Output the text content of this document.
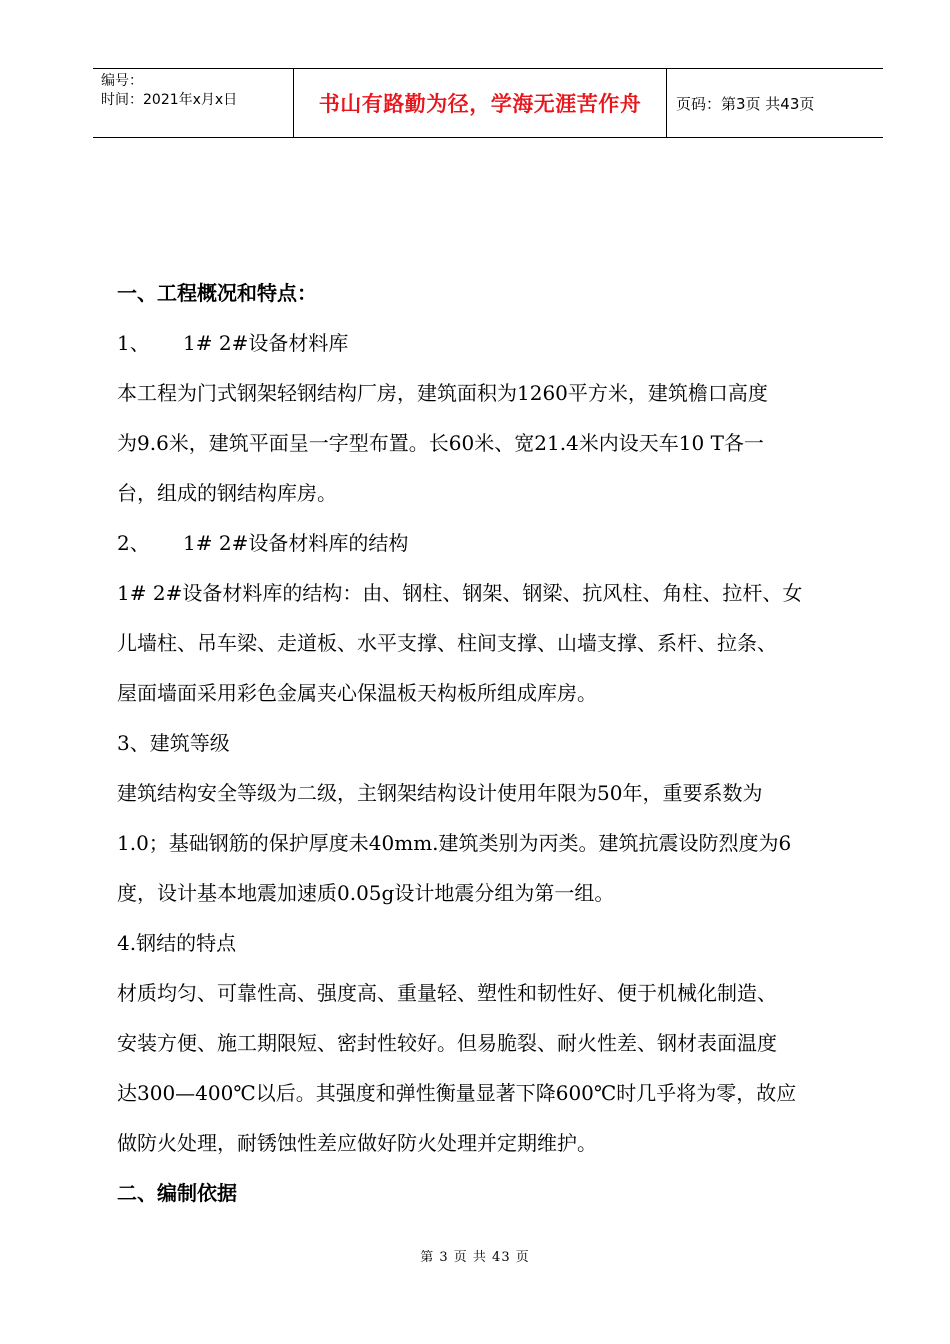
编号：
时间：2021年x月x日	书山有路勤为径，学海无涯苦作舟 页码：第3页 共43页
一、工程概况和特点：
1、 1# 2#设备材料库
本工程为门式钢架轻钢结构厂房，建筑面积为1260平方米，建筑檐口高度
为9.6米，建筑平面呈一字型布置。长60米、宽21.4米内设天车10 T各一
台，组成的钢结构库房。
2、 1# 2#设备材料库的结构
1# 2#设备材料库的结构：由、钢柱、钢架、钢梁、抗风柱、角柱、拉杆、女
儿墙柱、吊车梁、走道板、水平支撑、柱间支撑、山墙支撑、系杆、拉条、
屋面墙面采用彩色金属夹心保温板天构板所组成库房。
3、建筑等级
建筑结构安全等级为二级，主钢架结构设计使用年限为50年，重要系数为
1.0；基础钢筋的保护厚度未40mm.建筑类别为丙类。建筑抗震设防烈度为6
度，设计基本地震加速质0.05g设计地震分组为第一组。
4.钢结的特点
材质均匀、可靠性高、强度高、重量轻、塑性和韧性好、便于机械化制造、
安装方便、施工期限短、密封性较好。但易脆裂、耐火性差、钢材表面温度
达300—400℃以后。其强度和弹性衡量显著下降600℃时几乎将为零，故应
做防火处理，耐锈蚀性差应做好防火处理并定期维护。
二、编制依据
第 3 页 共 43 页
